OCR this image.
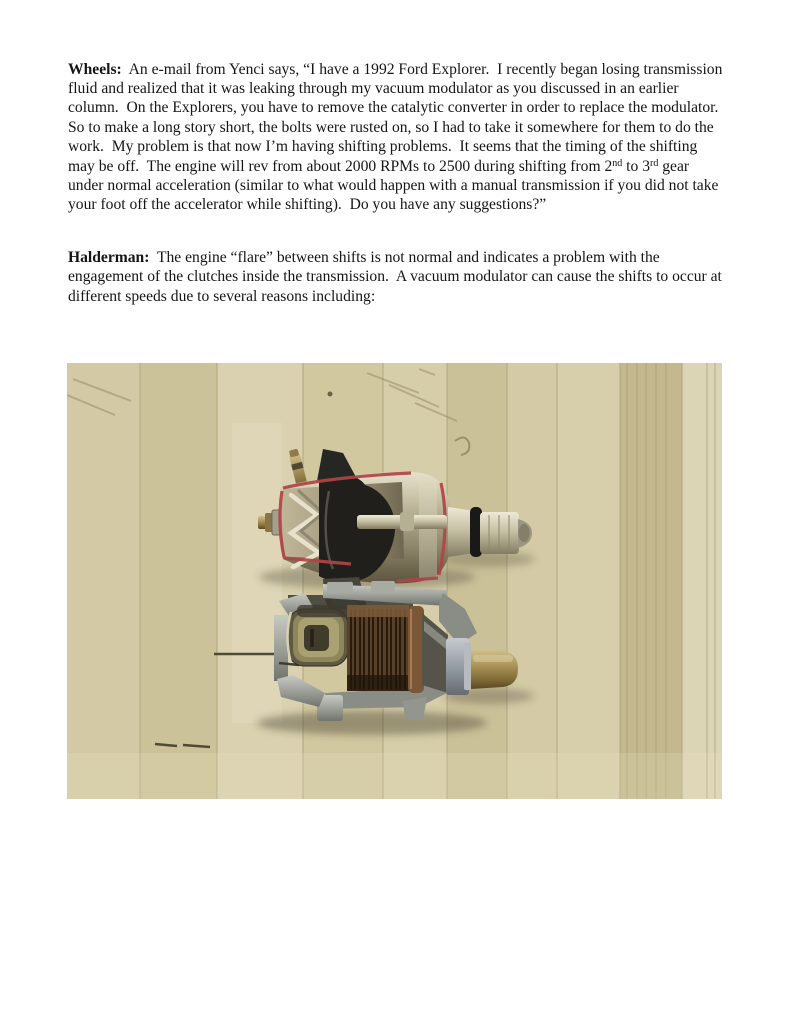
Wheels:  An e-mail from Yenci says, “I have a 1992 Ford Explorer.  I recently began losing transmission fluid and realized that it was leaking through my vacuum modulator as you discussed in an earlier column.  On the Explorers, you have to remove the catalytic converter in order to replace the modulator.  So to make a long story short, the bolts were rusted on, so I had to take it somewhere for them to do the work.  My problem is that now I’m having shifting problems.  It seems that the timing of the shifting may be off.  The engine will rev from about 2000 RPMs to 2500 during shifting from 2nd to 3rd gear under normal acceleration (similar to what would happen with a manual transmission if you did not take your foot off the accelerator while shifting).  Do you have any suggestions?”

Halderman:  The engine “flare” between shifts is not normal and indicates a problem with the engagement of the clutches inside the transmission.  A vacuum modulator can cause the shifts to occur at different speeds due to several reasons including:
